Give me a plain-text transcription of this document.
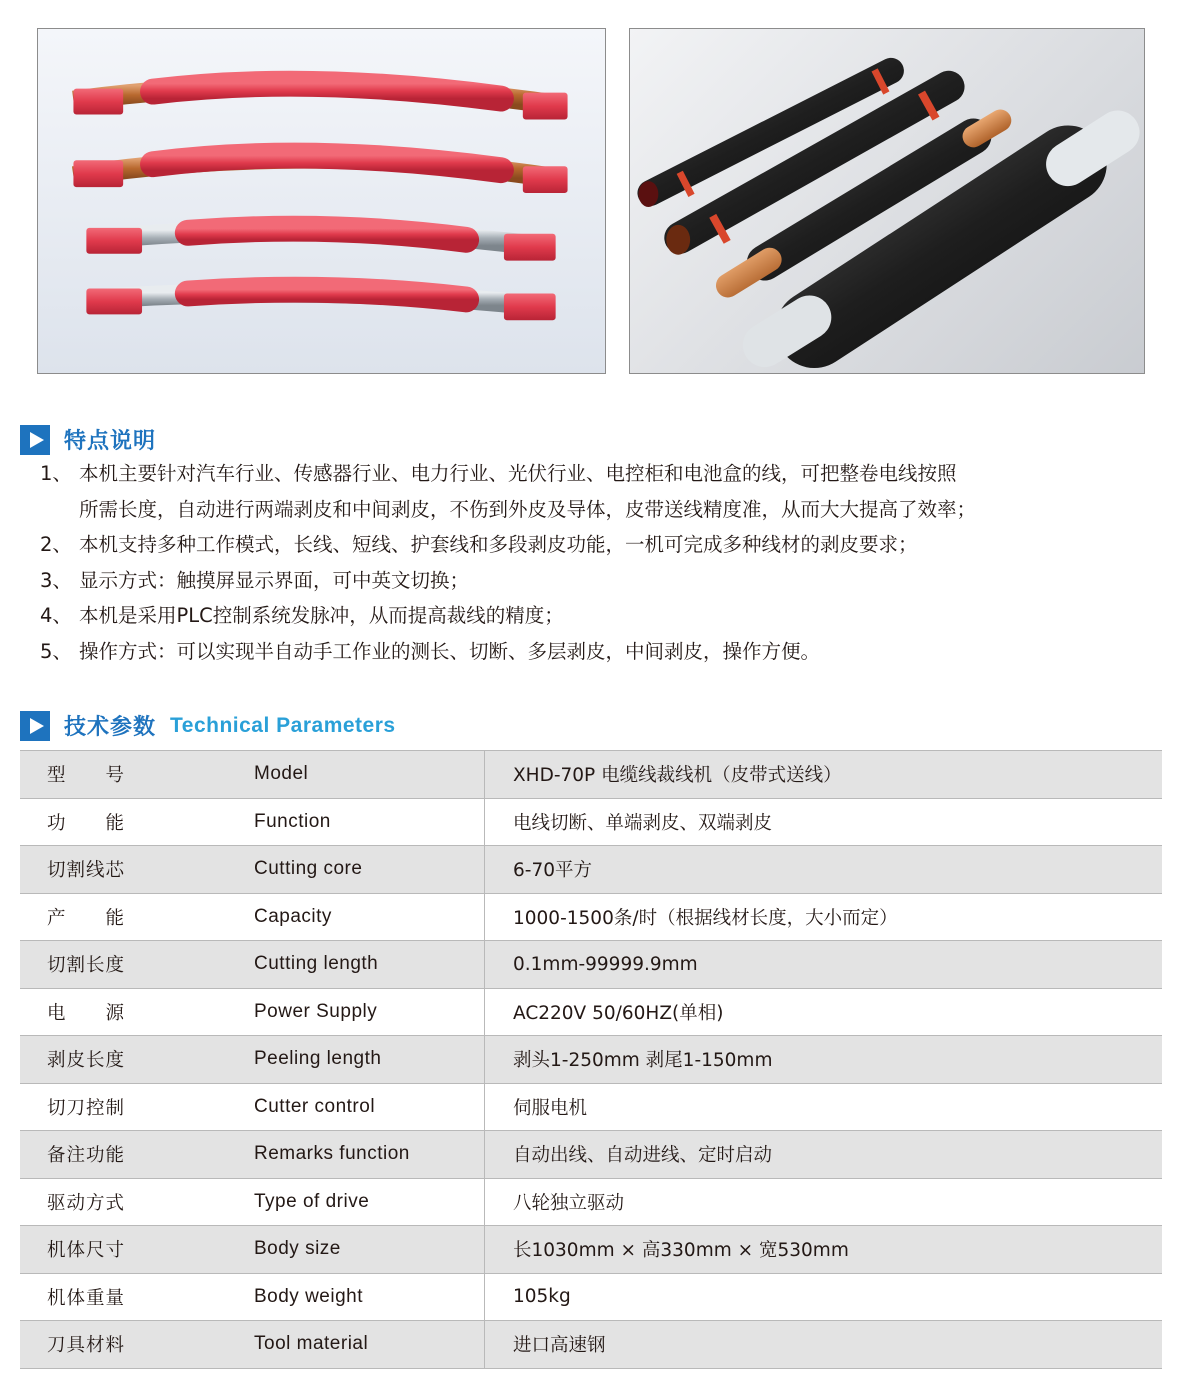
特点说明
1、 本机主要针对汽车行业、传感器行业、电力行业、光伏行业、电控柜和电池盒的线，可把整卷电线按照
所需长度，自动进行两端剥皮和中间剥皮，不伤到外皮及导体，皮带送线精度准，从而大大提高了效率；
2、 本机支持多种工作模式，长线、短线、护套线和多段剥皮功能，一机可完成多种线材的剥皮要求；
3、 显示方式：触摸屏显示界面，可中英文切换；
4、 本机是采用PLC控制系统发脉冲，从而提高裁线的精度；
5、 操作方式：可以实现半自动手工作业的测长、切断、多层剥皮，中间剥皮，操作方便。
技术参数 Technical Parameters
型　　号	Model	XHD-70P 电缆线裁线机（皮带式送线）
功　　能	Function	电线切断、单端剥皮、双端剥皮
切割线芯	Cutting core	6-70平方
产　　能	Capacity	1000-1500条/时（根据线材长度，大小而定）
切割长度	Cutting length	0.1mm-99999.9mm
电　　源	Power Supply	AC220V 50/60HZ(单相)
剥皮长度	Peeling length	剥头1-250mm 剥尾1-150mm
切刀控制	Cutter control	伺服电机
备注功能	Remarks function	自动出线、自动进线、定时启动
驱动方式	Type of drive	八轮独立驱动
机体尺寸	Body size	长1030mm × 高330mm × 宽530mm
机体重量	Body weight	105kg
刀具材料	Tool material	进口高速钢
